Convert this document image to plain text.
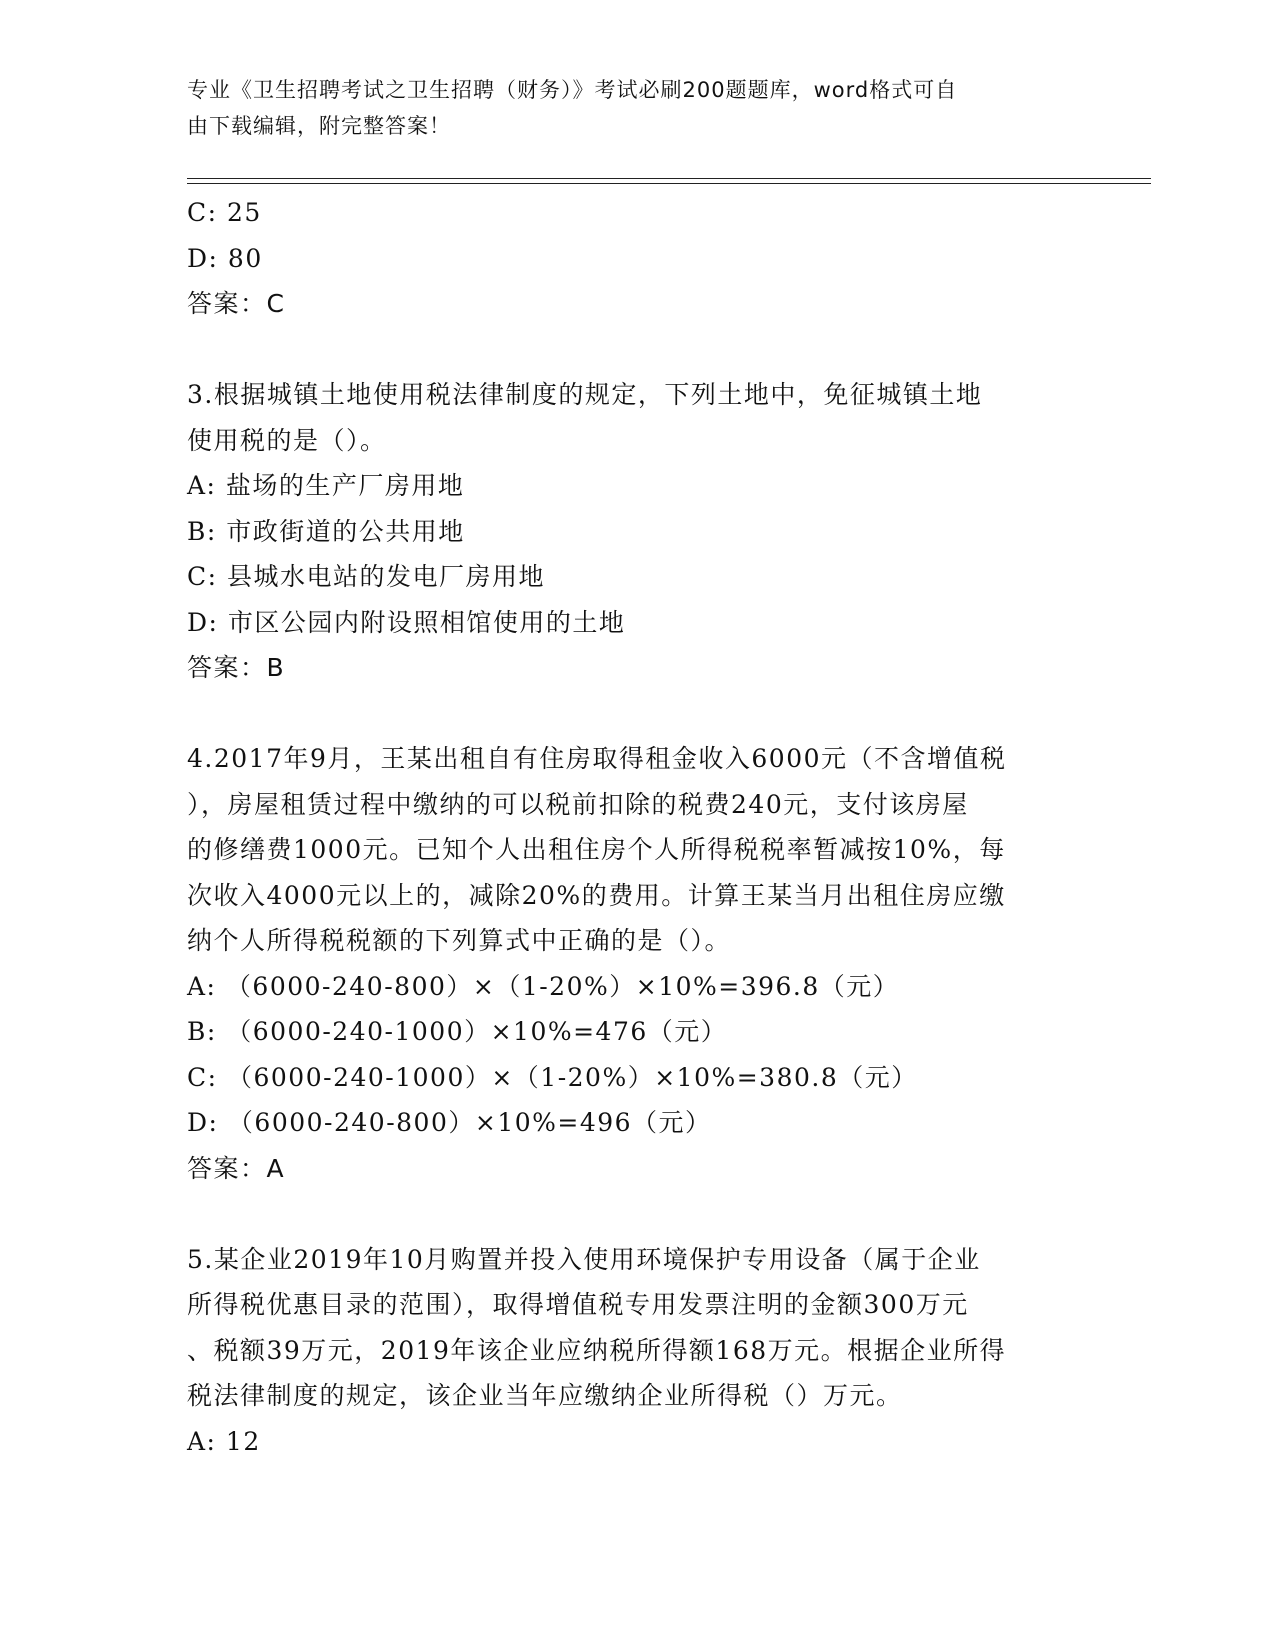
专业《卫生招聘考试之卫生招聘（财务）》考试必刷200题题库，word格式可自
由下载编辑，附完整答案！
C: 25
D: 80
答案：C
3.根据城镇土地使用税法律制度的规定，下列土地中，免征城镇土地
使用税的是（）。
A: 盐场的生产厂房用地
B: 市政街道的公共用地
C: 县城水电站的发电厂房用地
D: 市区公园内附设照相馆使用的土地
答案：B
4.2017年9月，王某出租自有住房取得租金收入6000元（不含增值税
），房屋租赁过程中缴纳的可以税前扣除的税费240元，支付该房屋
的修缮费1000元。已知个人出租住房个人所得税税率暂减按10%，每
次收入4000元以上的，减除20%的费用。计算王某当月出租住房应缴
纳个人所得税税额的下列算式中正确的是（）。
A: （6000-240-800）×（1-20%）×10%=396.8（元）
B: （6000-240-1000）×10%=476（元）
C: （6000-240-1000）×（1-20%）×10%=380.8（元）
D: （6000-240-800）×10%=496（元）
答案：A
5.某企业2019年10月购置并投入使用环境保护专用设备（属于企业
所得税优惠目录的范围），取得增值税专用发票注明的金额300万元
、税额39万元，2019年该企业应纳税所得额168万元。根据企业所得
税法律制度的规定，该企业当年应缴纳企业所得税（）万元。
A: 12
